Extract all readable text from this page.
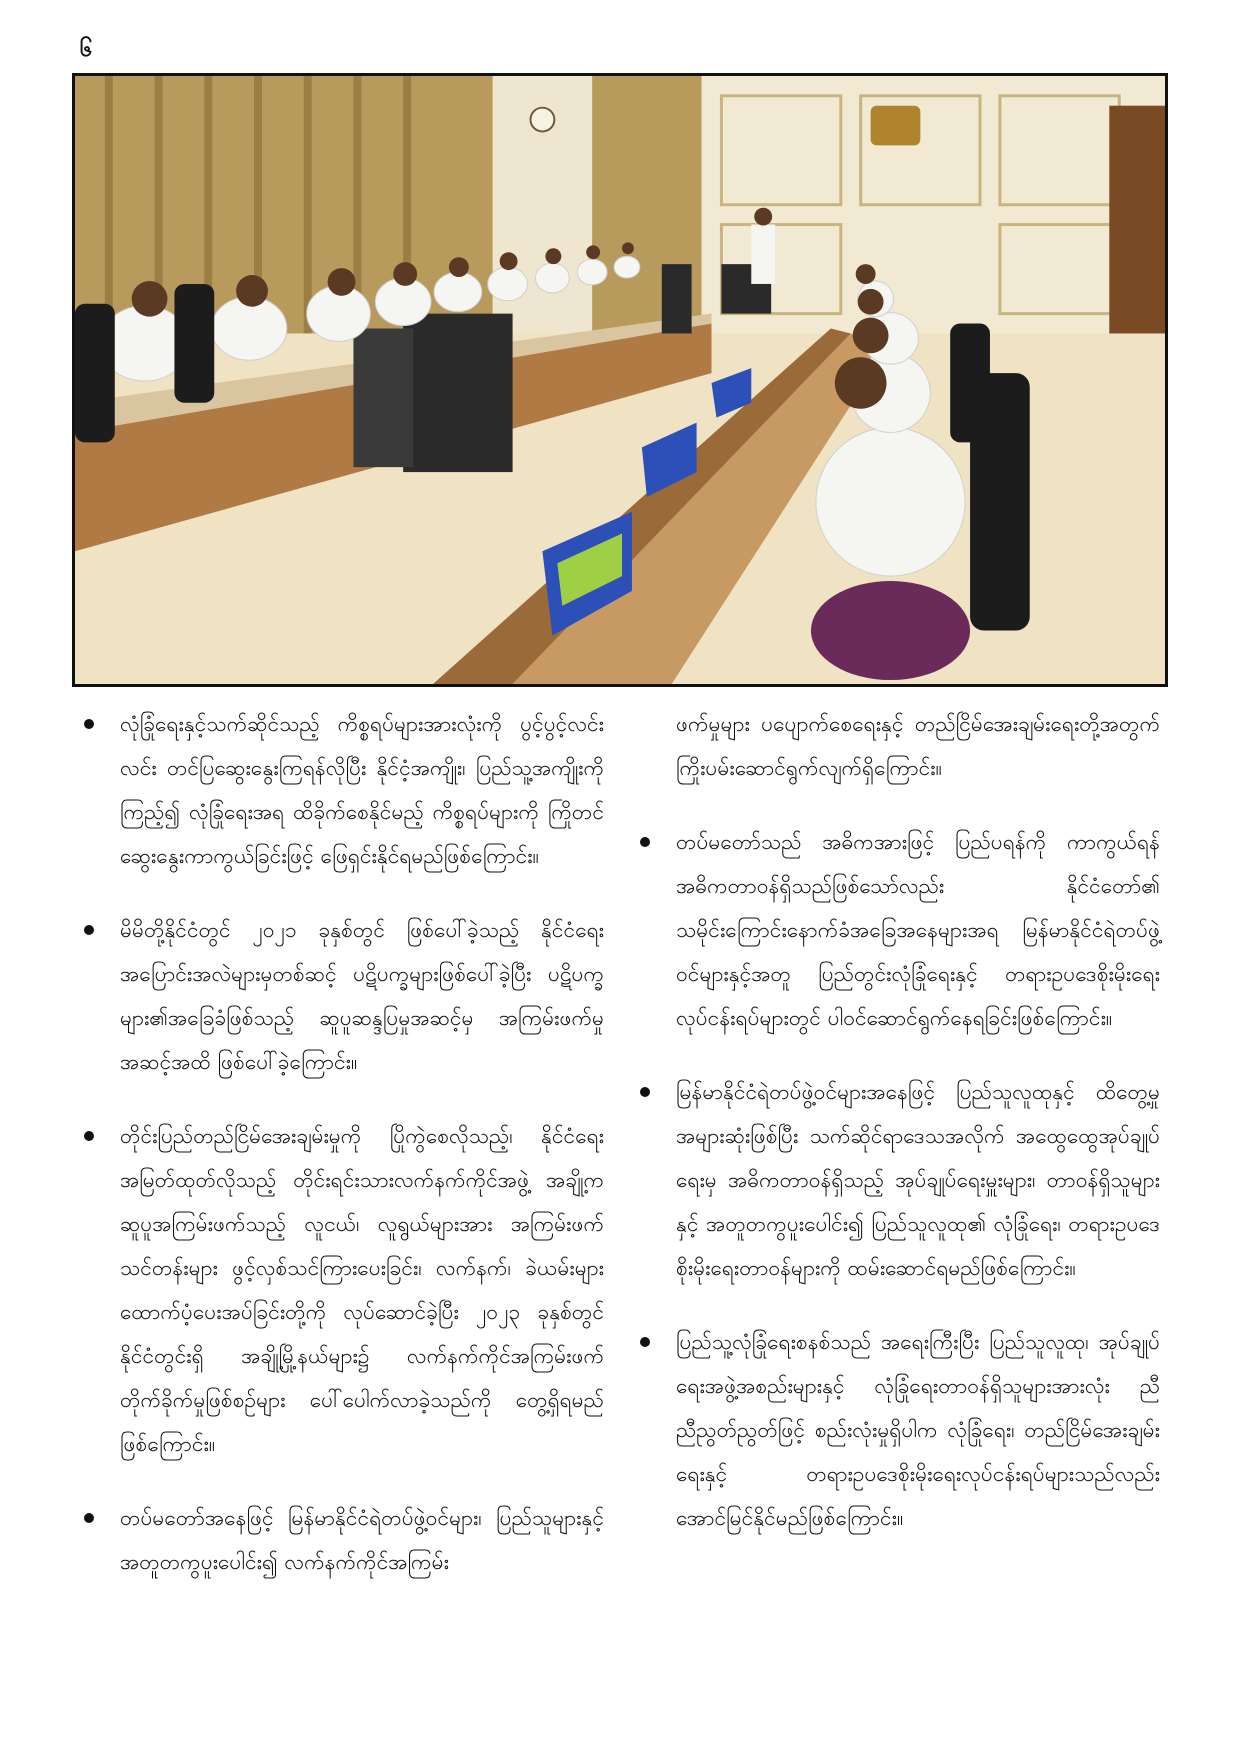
၆

လုံခြုံရေးနှင့်သက်ဆိုင်သည့် ကိစ္စရပ်များအားလုံးကို ပွင့်ပွင့်လင်းလင်း တင်ပြဆွေးနွေးကြရန်လိုပြီး နိုင်ငံ့အကျိုး၊ ပြည်သူ့အကျိုးကိုကြည့်၍ လုံခြုံရေးအရ ထိခိုက်စေနိုင်မည့် ကိစ္စရပ်များကို ကြိုတင်ဆွေးနွေးကာကွယ်ခြင်းဖြင့် ဖြေရှင်းနိုင်ရမည်ဖြစ်ကြောင်း။

မိမိတို့နိုင်ငံတွင် ၂၀၂၁ ခုနှစ်တွင် ဖြစ်ပေါ်ခဲ့သည့် နိုင်ငံရေးအပြောင်းအလဲများမှတစ်ဆင့် ပဋိပက္ခများဖြစ်ပေါ်ခဲ့ပြီး ပဋိပက္ခများ၏အခြေခံဖြစ်သည့် ဆူပူဆန္ဒပြမှုအဆင့်မှ အကြမ်းဖက်မှုအဆင့်အထိ ဖြစ်ပေါ်ခဲ့ကြောင်း။

တိုင်းပြည်တည်ငြိမ်အေးချမ်းမှုကို ပြိုကွဲစေလိုသည့်၊ နိုင်ငံရေးအမြတ်ထုတ်လိုသည့် တိုင်းရင်းသားလက်နက်ကိုင်အဖွဲ့ အချို့က ဆူပူအကြမ်းဖက်သည့် လူငယ်၊ လူရွယ်များအား အကြမ်းဖက်သင်တန်းများ ဖွင့်လှစ်သင်ကြားပေးခြင်း၊ လက်နက်၊ ခဲယမ်းများ ထောက်ပံ့ပေးအပ်ခြင်းတို့ကို လုပ်ဆောင်ခဲ့ပြီး ၂၀၂၃ ခုနှစ်တွင် နိုင်ငံတွင်းရှိ အချို့မြို့နယ်များ၌ လက်နက်ကိုင်အကြမ်းဖက်တိုက်ခိုက်မှုဖြစ်စဉ်များ ပေါ်ပေါက်လာခဲ့သည်ကို တွေ့ရှိရမည်ဖြစ်ကြောင်း။

တပ်မတော်အနေဖြင့် မြန်မာနိုင်ငံရဲတပ်ဖွဲ့ဝင်များ၊ ပြည်သူများနှင့် အတူတကွပူးပေါင်း၍ လက်နက်ကိုင်အကြမ်း

ဖက်မှုများ ပပျောက်စေရေးနှင့် တည်ငြိမ်အေးချမ်းရေးတို့အတွက် ကြိုးပမ်းဆောင်ရွက်လျက်ရှိကြောင်း။

တပ်မတော်သည် အဓိကအားဖြင့် ပြည်ပရန်ကို ကာကွယ်ရန် အဓိကတာဝန်ရှိသည်ဖြစ်သော်လည်း နိုင်ငံတော်၏ သမိုင်းကြောင်းနောက်ခံအခြေအနေများအရ မြန်မာနိုင်ငံရဲတပ်ဖွဲ့ဝင်များနှင့်အတူ ပြည်တွင်းလုံခြုံရေးနှင့် တရားဥပဒေစိုးမိုးရေး လုပ်ငန်းရပ်များတွင် ပါဝင်ဆောင်ရွက်နေရခြင်းဖြစ်ကြောင်း။

မြန်မာနိုင်ငံရဲတပ်ဖွဲ့ဝင်များအနေဖြင့် ပြည်သူလူထုနှင့် ထိတွေ့မှုအများဆုံးဖြစ်ပြီး သက်ဆိုင်ရာဒေသအလိုက် အထွေထွေအုပ်ချုပ်ရေးမှ အဓိကတာဝန်ရှိသည့် အုပ်ချုပ်ရေးမှူးများ၊ တာဝန်ရှိသူများနှင့် အတူတကွပူးပေါင်း၍ ပြည်သူလူထု၏ လုံခြုံရေး၊ တရားဥပဒေစိုးမိုးရေးတာဝန်များကို ထမ်းဆောင်ရမည်ဖြစ်ကြောင်း။

ပြည်သူ့လုံခြုံရေးစနစ်သည် အရေးကြီးပြီး ပြည်သူလူထု၊ အုပ်ချုပ်ရေးအဖွဲ့အစည်းများနှင့် လုံခြုံရေးတာဝန်ရှိသူများအားလုံး ညီညီညွတ်ညွတ်ဖြင့် စည်းလုံးမှုရှိပါက လုံခြုံရေး၊ တည်ငြိမ်အေးချမ်းရေးနှင့် တရားဥပဒေစိုးမိုးရေးလုပ်ငန်းရပ်များသည်လည်း အောင်မြင်နိုင်မည်ဖြစ်ကြောင်း။
